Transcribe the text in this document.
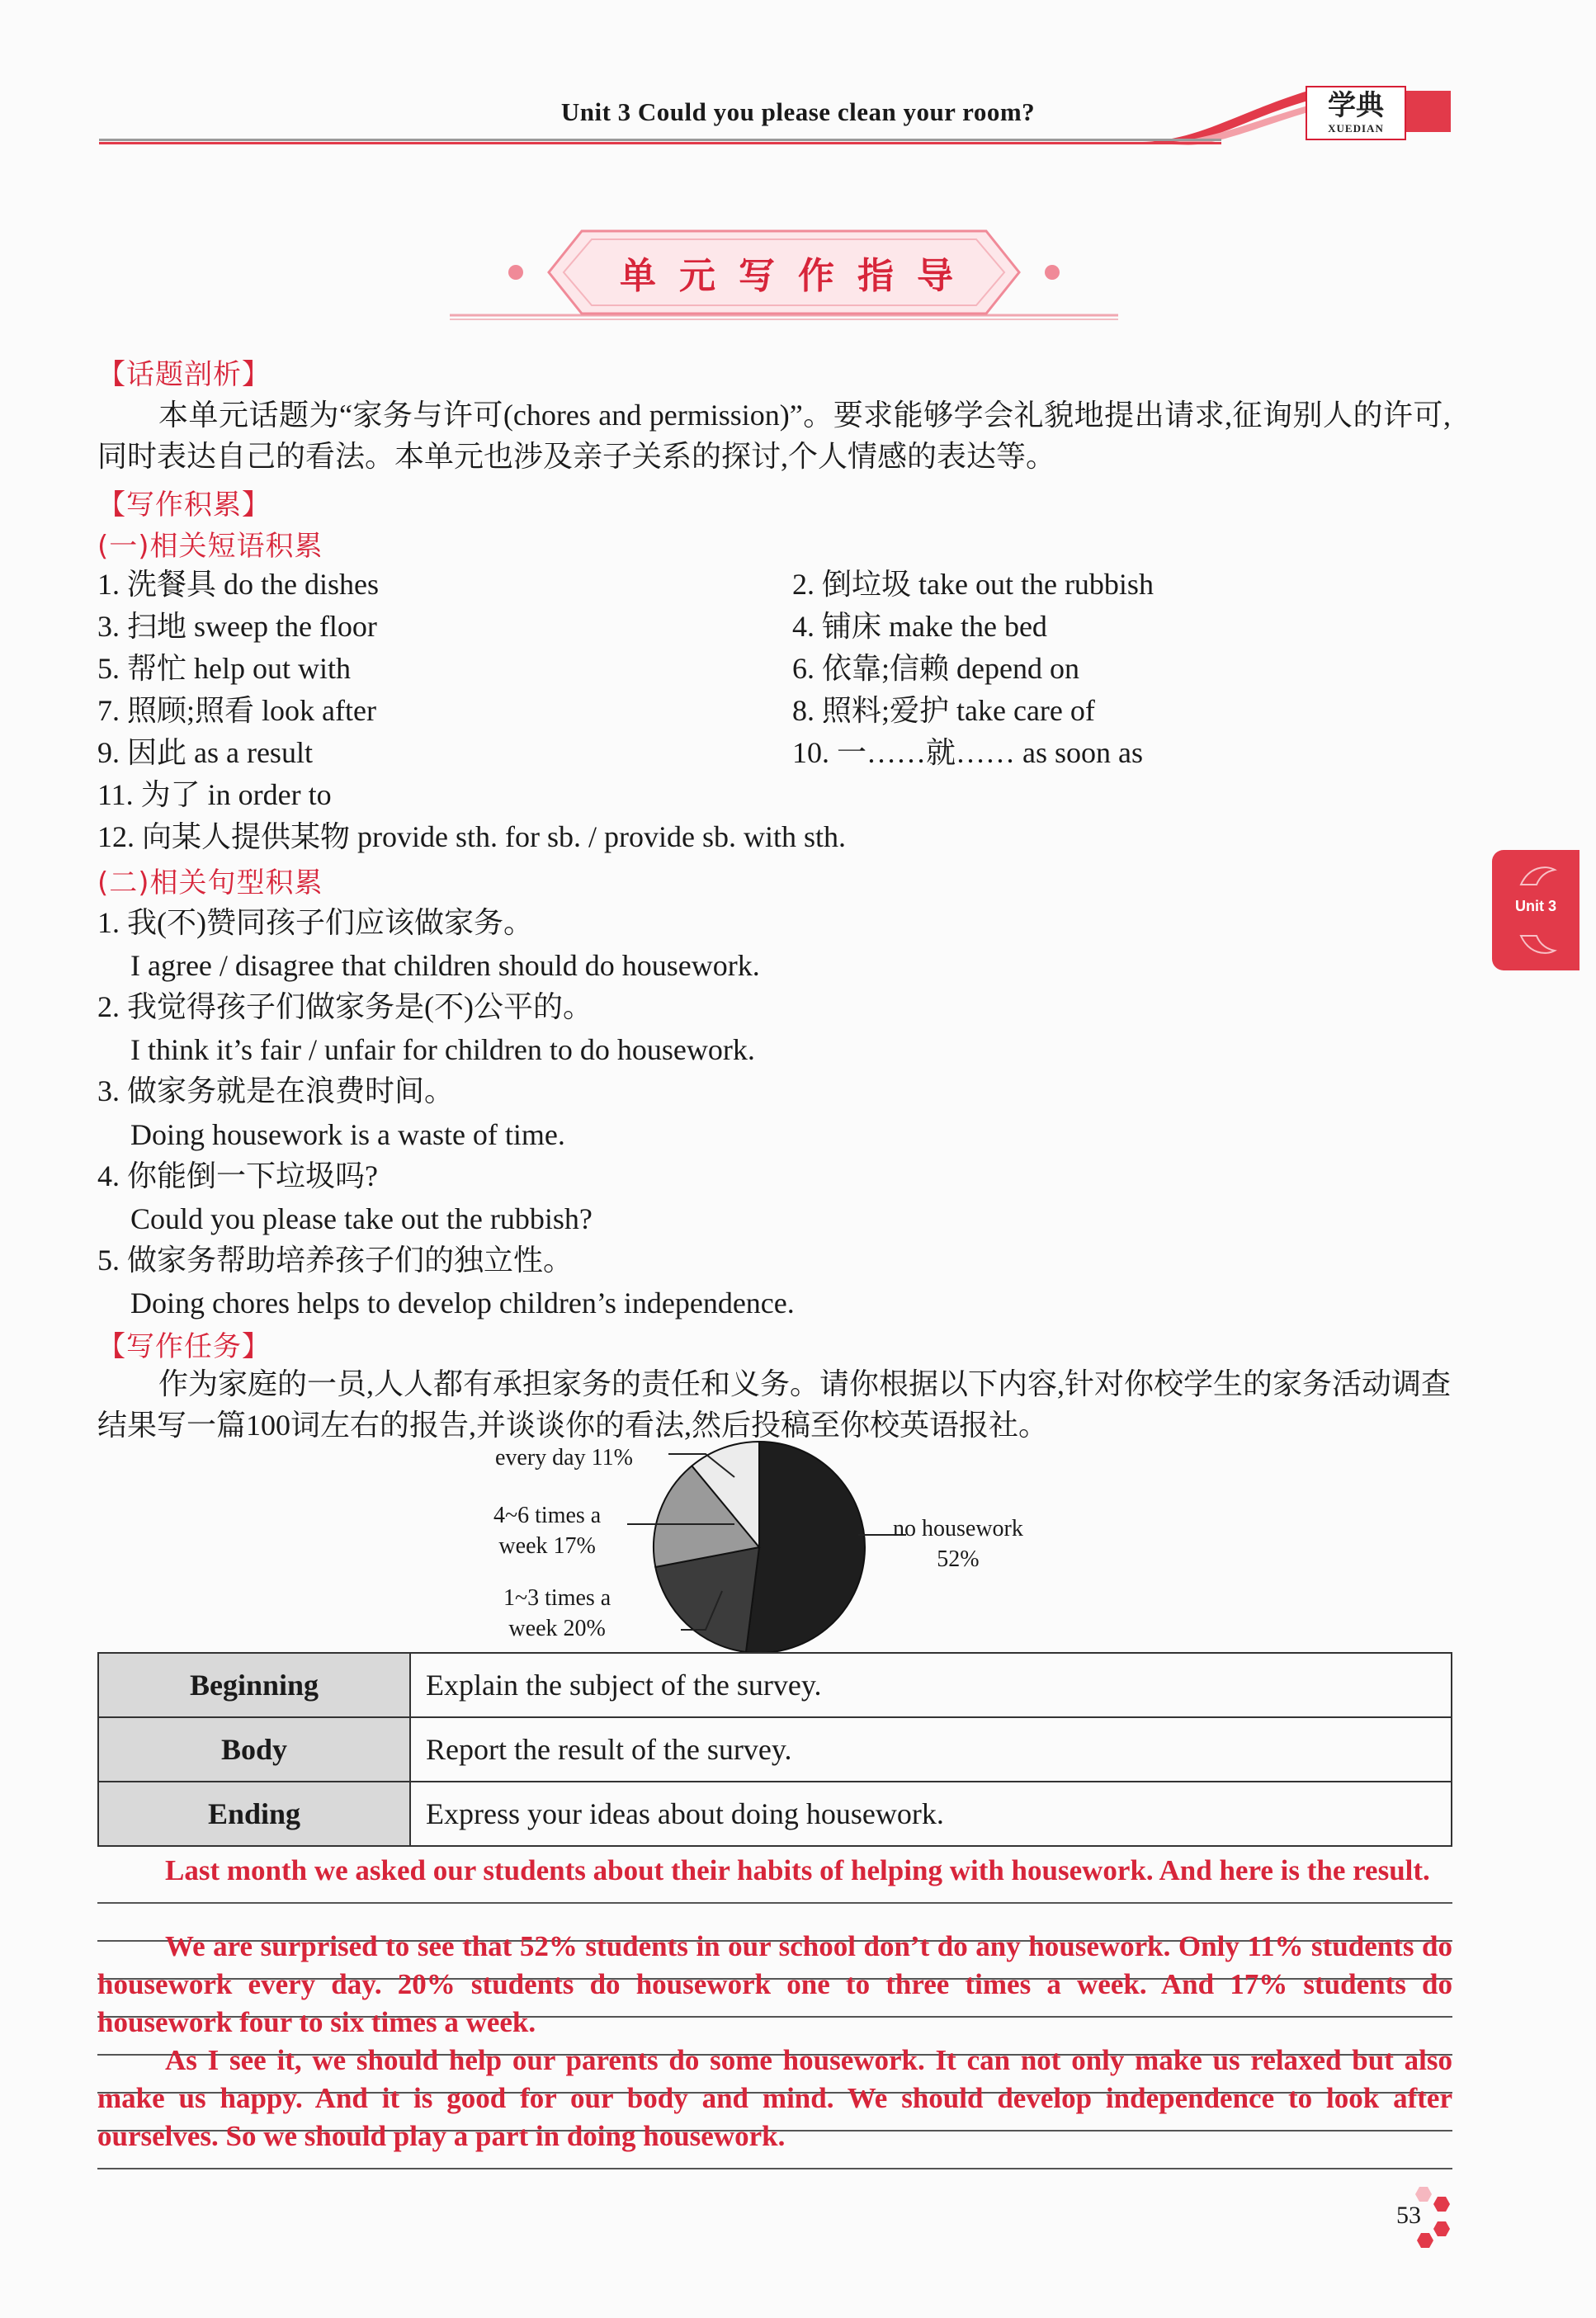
Unit 3 Could you please clean your room?	学典
XUEDIAN
单元写作指导
【话题剖析】
本单元话题为“家务与许可(chores and permission)”。要求能够学会礼貌地提出请求,征询别人的许可,同时表达自己的看法。本单元也涉及亲子关系的探讨,个人情感的表达等。
【写作积累】
(一)相关短语积累
1. 洗餐具 do the dishes	2. 倒垃圾 take out the rubbish
3. 扫地 sweep the floor	4. 铺床 make the bed
5. 帮忙 help out with	6. 依靠;信赖 depend on
7. 照顾;照看 look after	8. 照料;爱护 take care of
9. 因此 as a result	10. 一……就…… as soon as
11. 为了 in order to
12. 向某人提供某物 provide sth. for sb. / provide sb. with sth.
(二)相关句型积累
1. 我(不)赞同孩子们应该做家务。
I agree / disagree that children should do housework.
2. 我觉得孩子们做家务是(不)公平的。
I think it’s fair / unfair for children to do housework.
3. 做家务就是在浪费时间。
Doing housework is a waste of time.
4. 你能倒一下垃圾吗?
Could you please take out the rubbish?
5. 做家务帮助培养孩子们的独立性。
Doing chores helps to develop children’s independence.
【写作任务】
作为家庭的一员,人人都有承担家务的责任和义务。请你根据以下内容,针对你校学生的家务活动调查结果写一篇100词左右的报告,并谈谈你的看法,然后投稿至你校英语报社。
every day 11%
4~6 times a
week 17%
1~3 times a
week 20%
no housework
52%
Beginning	Explain the subject of the survey.
Body	Report the result of the survey.
Ending	Express your ideas about doing housework.
Last month we asked our students about their habits of helping with housework. And here is the result.
We are surprised to see that 52% students in our school don’t do any housework. Only 11% students do housework every day. 20% students do housework one to three times a week. And 17% students do housework four to six times a week.
As I see it, we should help our parents do some housework. It can not only make us relaxed but also make us happy. And it is good for our body and mind. We should develop independence to look after ourselves. So we should play a part in doing housework.
Unit 3
53
